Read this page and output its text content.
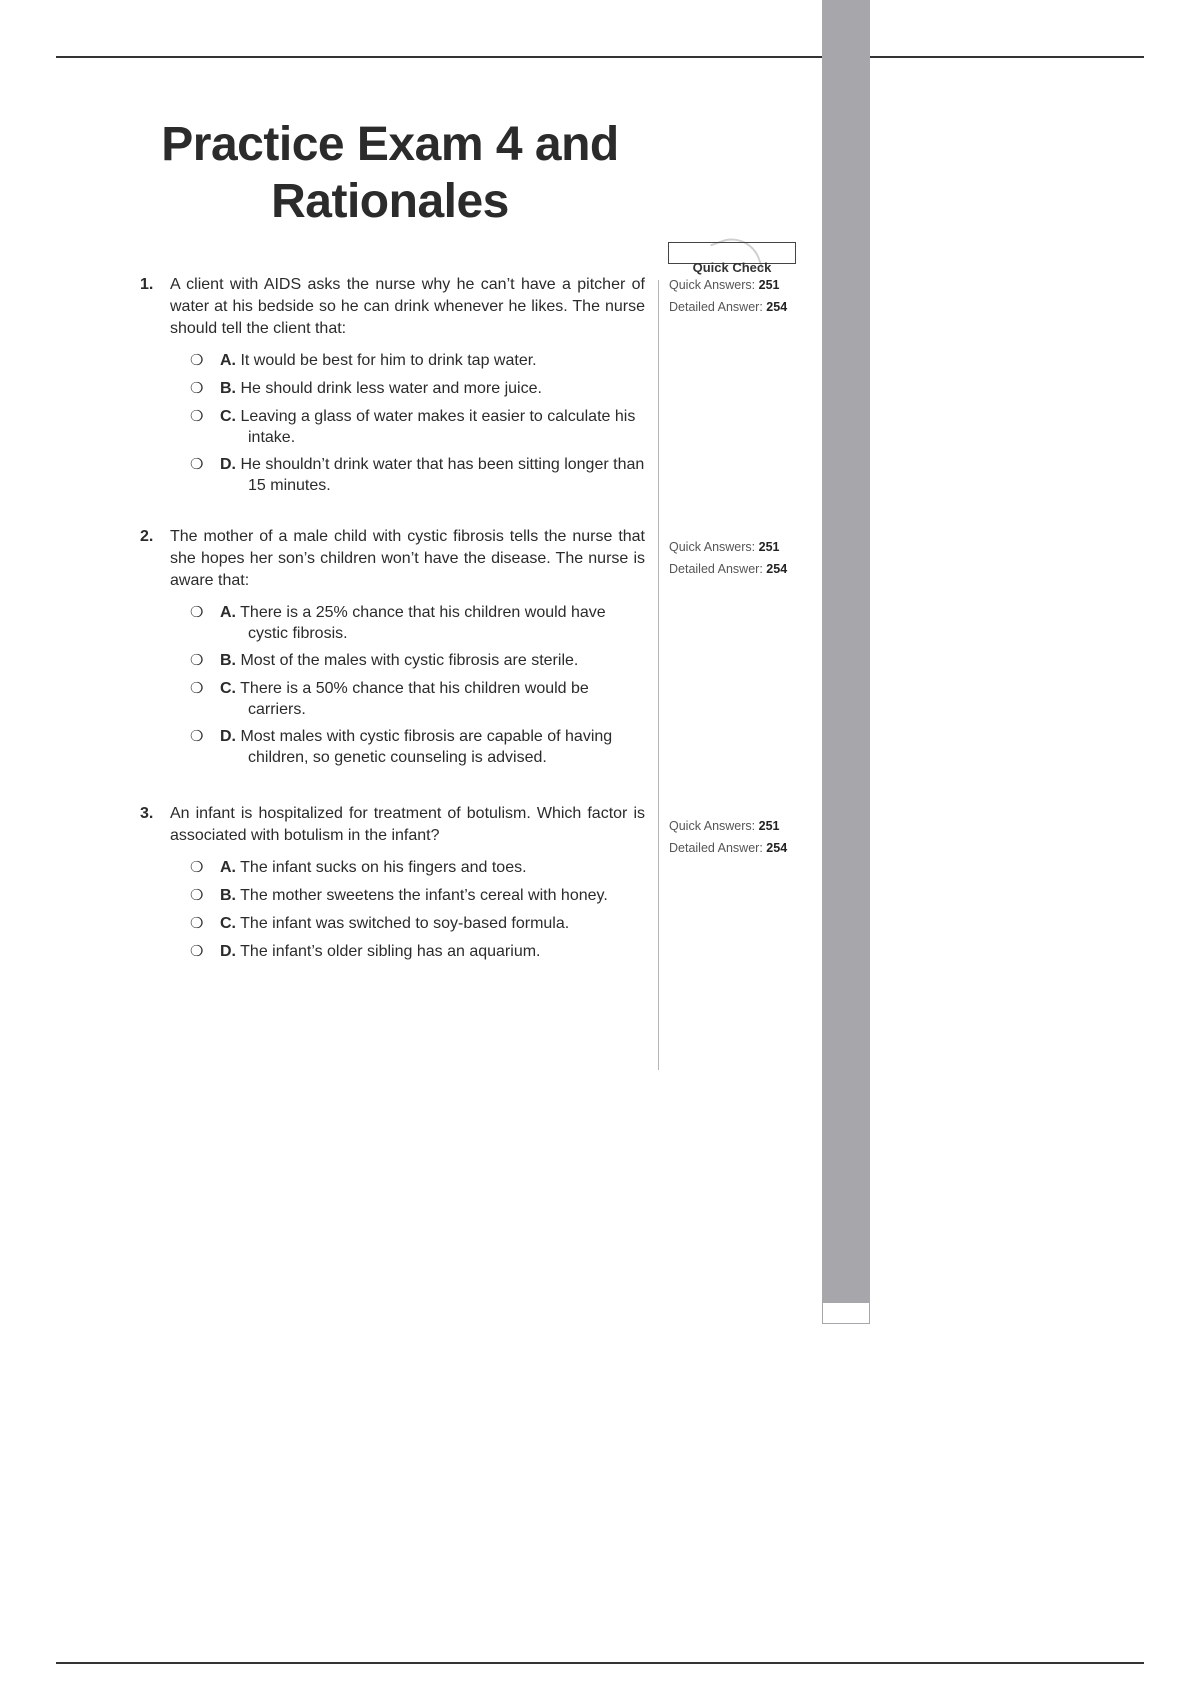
Practice Exam 4 and Rationales
Quick Check
Quick Answers: 251
Detailed Answer: 254
Quick Answers: 251
Detailed Answer: 254
Quick Answers: 251
Detailed Answer: 254
1.	A client with AIDS asks the nurse why he can’t have a pitcher of water at his bedside so he can drink whenever he likes. The nurse should tell the client that:
❍	A. It would be best for him to drink tap water.
❍	B. He should drink less water and more juice.
❍	C. Leaving a glass of water makes it easier to calculate his intake.
❍	D. He shouldn’t drink water that has been sitting longer than 15 minutes.
2.	The mother of a male child with cystic fibrosis tells the nurse that she hopes her son’s children won’t have the disease. The nurse is aware that:
❍	A. There is a 25% chance that his children would have cystic fibrosis.
❍	B. Most of the males with cystic fibrosis are sterile.
❍	C. There is a 50% chance that his children would be carriers.
❍	D. Most males with cystic fibrosis are capable of having children, so genetic counseling is advised.
3.	An infant is hospitalized for treatment of botulism. Which factor is associated with botulism in the infant?
❍	A. The infant sucks on his fingers and toes.
❍	B. The mother sweetens the infant’s cereal with honey.
❍	C. The infant was switched to soy-based formula.
❍	D. The infant’s older sibling has an aquarium.
